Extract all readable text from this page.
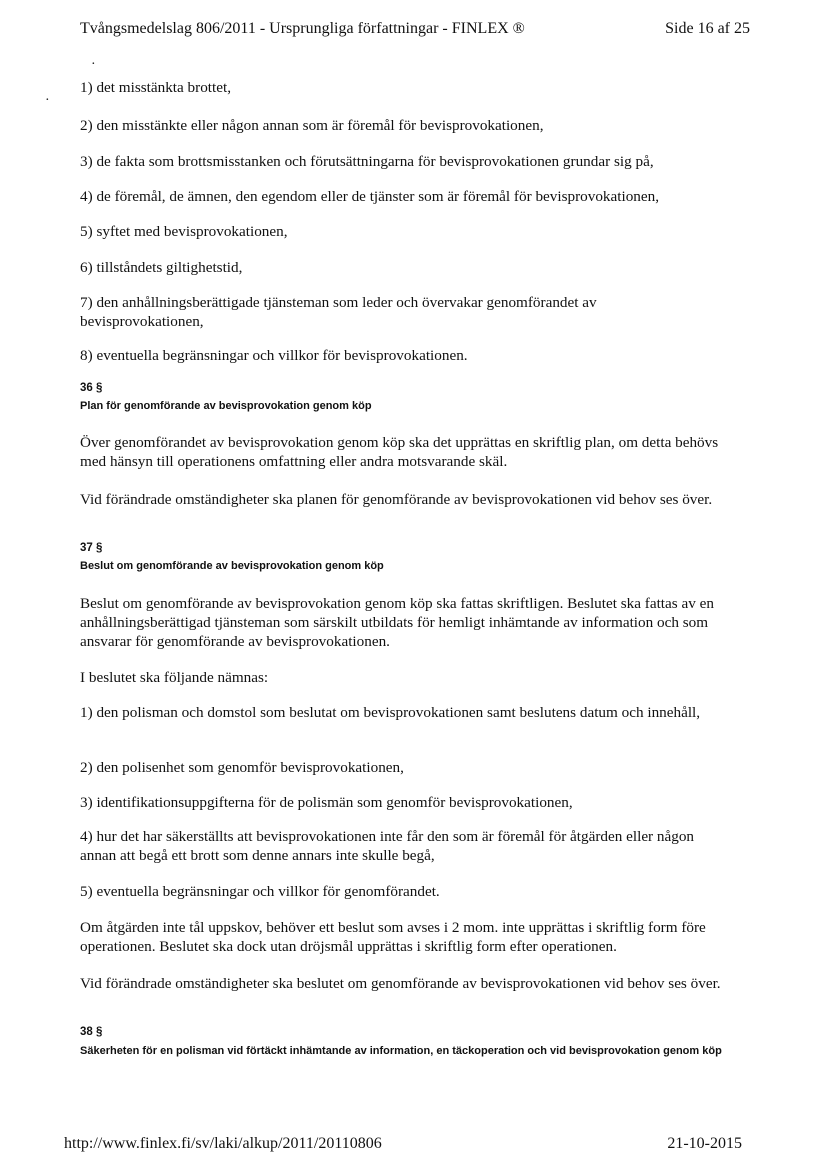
Tvångsmedelslag 806/2011 - Ursprungliga författningar - FINLEX ®	Side 16 af 25
·
·

1) det misstänkta brottet,

2) den misstänkte eller någon annan som är föremål för bevisprovokationen,

3) de fakta som brottsmisstanken och förutsättningarna för bevisprovokationen grundar sig på,

4) de föremål, de ämnen, den egendom eller de tjänster som är föremål för bevisprovokationen,

5) syftet med bevisprovokationen,

6) tillståndets giltighetstid,

7) den anhållningsberättigade tjänsteman som leder och övervakar genomförandet av bevisprovokationen,

8) eventuella begränsningar och villkor för bevisprovokationen.

36 §

Plan för genomförande av bevisprovokation genom köp

Över genomförandet av bevisprovokation genom köp ska det upprättas en skriftlig plan, om detta behövs med hänsyn till operationens omfattning eller andra motsvarande skäl.

Vid förändrade omständigheter ska planen för genomförande av bevisprovokationen vid behov ses över.

37 §

Beslut om genomförande av bevisprovokation genom köp

Beslut om genomförande av bevisprovokation genom köp ska fattas skriftligen. Beslutet ska fattas av en anhållningsberättigad tjänsteman som särskilt utbildats för hemligt inhämtande av information och som ansvarar för genomförande av bevisprovokationen.

I beslutet ska följande nämnas:

1) den polisman och domstol som beslutat om bevisprovokationen samt beslutens datum och innehåll,

2) den polisenhet som genomför bevisprovokationen,

3) identifikationsuppgifterna för de polismän som genomför bevisprovokationen,

4) hur det har säkerställts att bevisprovokationen inte får den som är föremål för åtgärden eller någon annan att begå ett brott som denne annars inte skulle begå,

5) eventuella begränsningar och villkor för genomförandet.

Om åtgärden inte tål uppskov, behöver ett beslut som avses i 2 mom. inte upprättas i skriftlig form före operationen. Beslutet ska dock utan dröjsmål upprättas i skriftlig form efter operationen.

Vid förändrade omständigheter ska beslutet om genomförande av bevisprovokationen vid behov ses över.

38 §

Säkerheten för en polisman vid förtäckt inhämtande av information, en täckoperation och vid bevisprovokation genom köp

http://www.finlex.fi/sv/laki/alkup/2011/20110806	21-10-2015
